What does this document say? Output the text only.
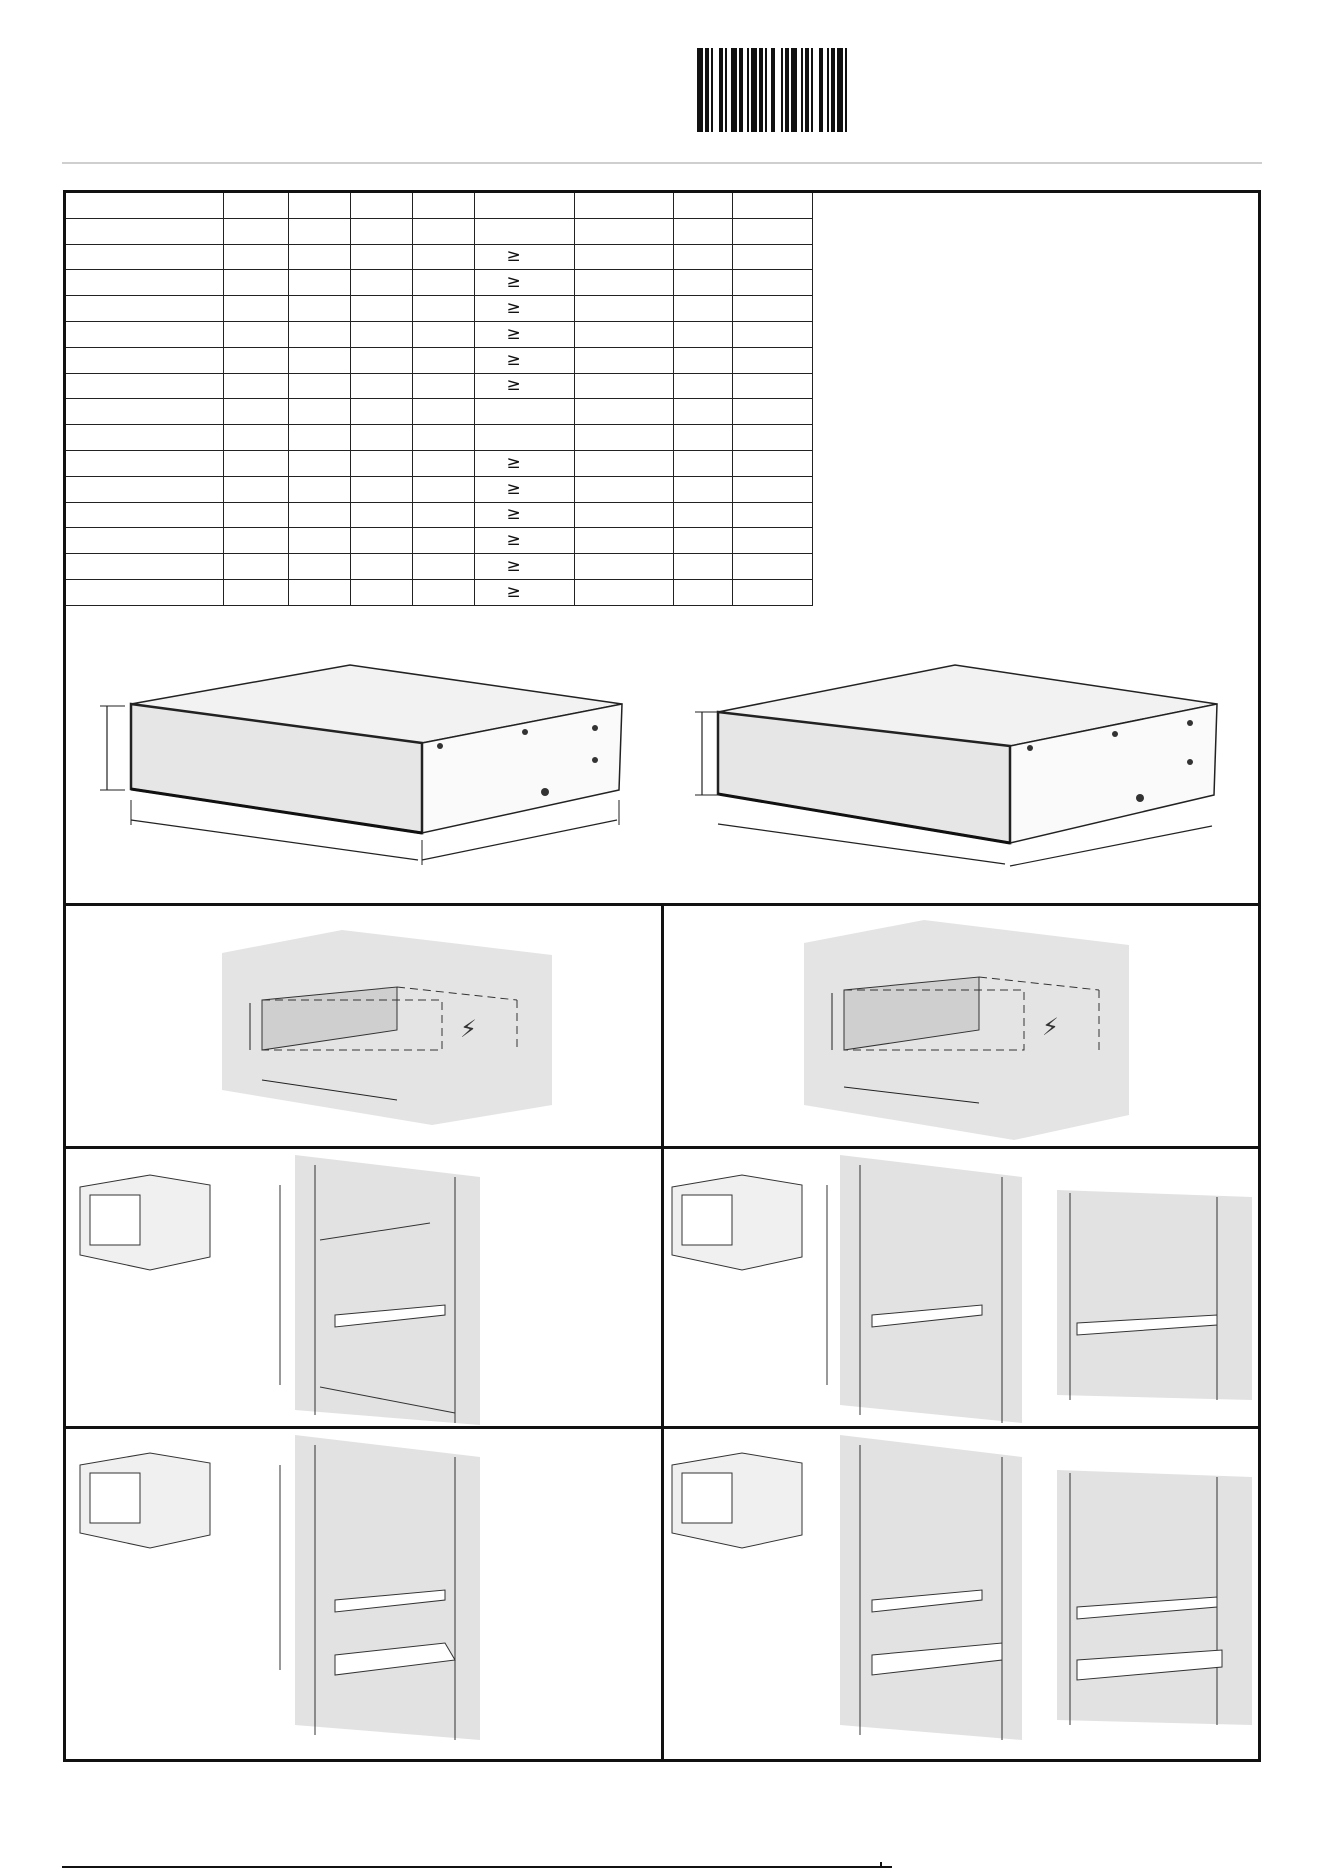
					≥			
					≥			
					≥			
					≥			
					≥			
					≥			

					≥			
					≥			
					≥			
					≥			
					≥			
					≥			
⚡	⚡
